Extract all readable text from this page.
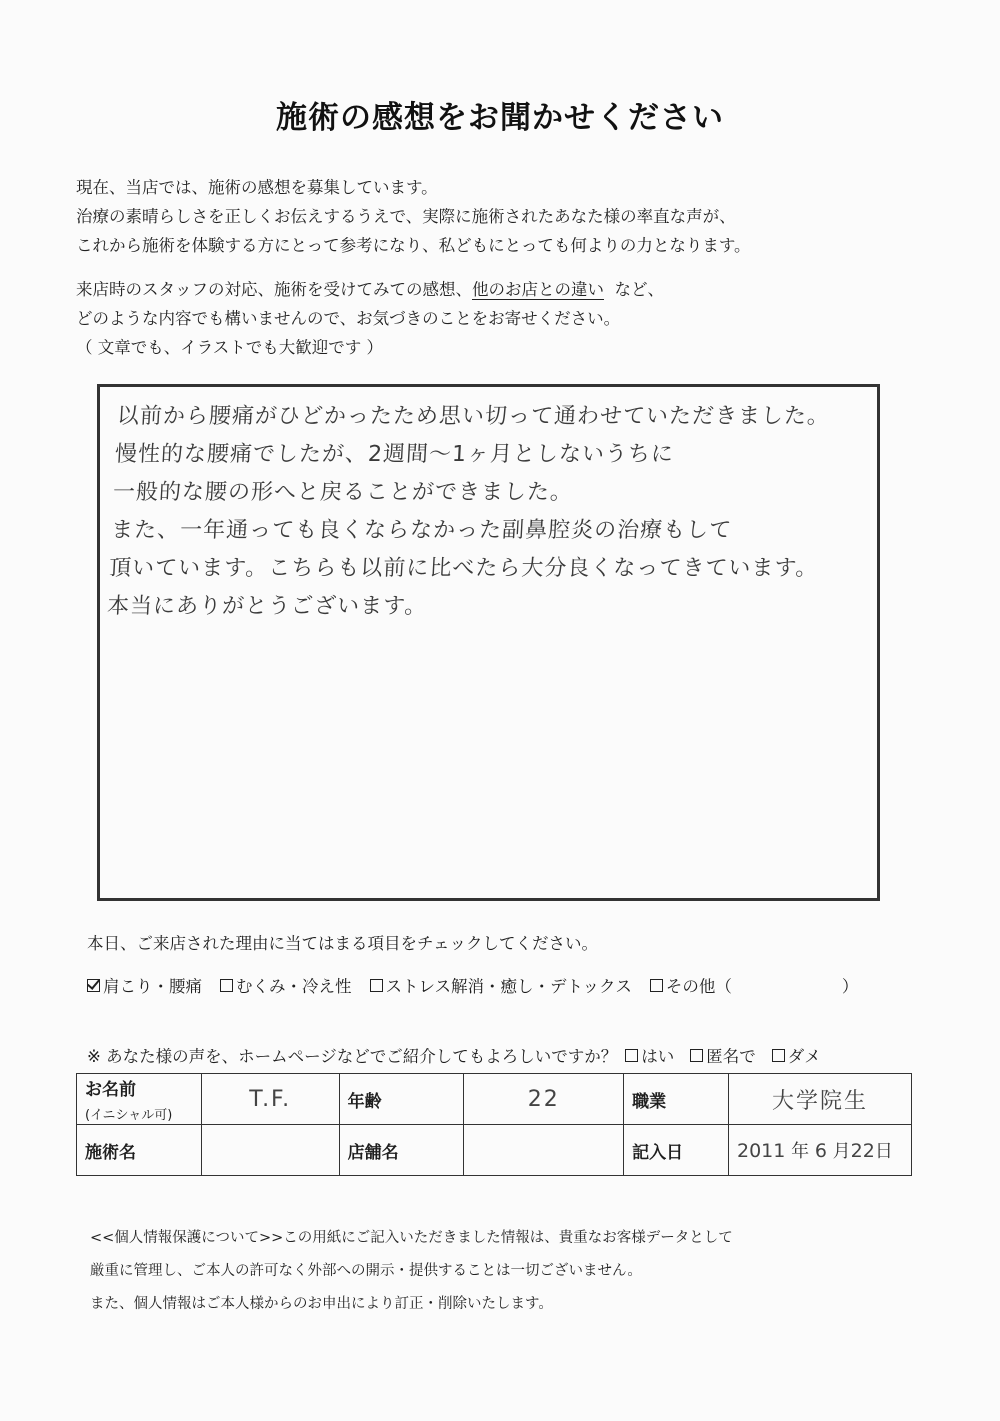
施術の感想をお聞かせください
現在、当店では、施術の感想を募集しています。
治療の素晴らしさを正しくお伝えするうえで、実際に施術されたあなた様の率直な声が、
これから施術を体験する方にとって参考になり、私どもにとっても何よりの力となります。
来店時のスタッフの対応、施術を受けてみての感想、他のお店との違い など、
どのような内容でも構いませんので、お気づきのことをお寄せください。
（ 文章でも、イラストでも大歓迎です ）
以前から腰痛がひどかったため思い切って通わせていただきました。
慢性的な腰痛でしたが、2週間〜1ヶ月としないうちに
一般的な腰の形へと戻ることができました。
また、一年通っても良くならなかった副鼻腔炎の治療もして
頂いています。こちらも以前に比べたら大分良くなってきています。
本当にありがとうございます。
本日、ご来店された理由に当てはまる項目をチェックしてください。
肩こり・腰痛 むくみ・冷え性 ストレス解消・癒し・デトックス その他（	）
※ あなた様の声を、ホームページなどでご紹介してもよろしいですか？ はい 匿名で ダメ
お名前
(イニシャル可)	T.F.	年齢	22	職業	大学院生
施術名		店舗名		記入日	2011 年 6 月22日
<<個人情報保護について>>この用紙にご記入いただきました情報は、貴重なお客様データとして
厳重に管理し、ご本人の許可なく外部への開示・提供することは一切ございません。
また、個人情報はご本人様からのお申出により訂正・削除いたします。
